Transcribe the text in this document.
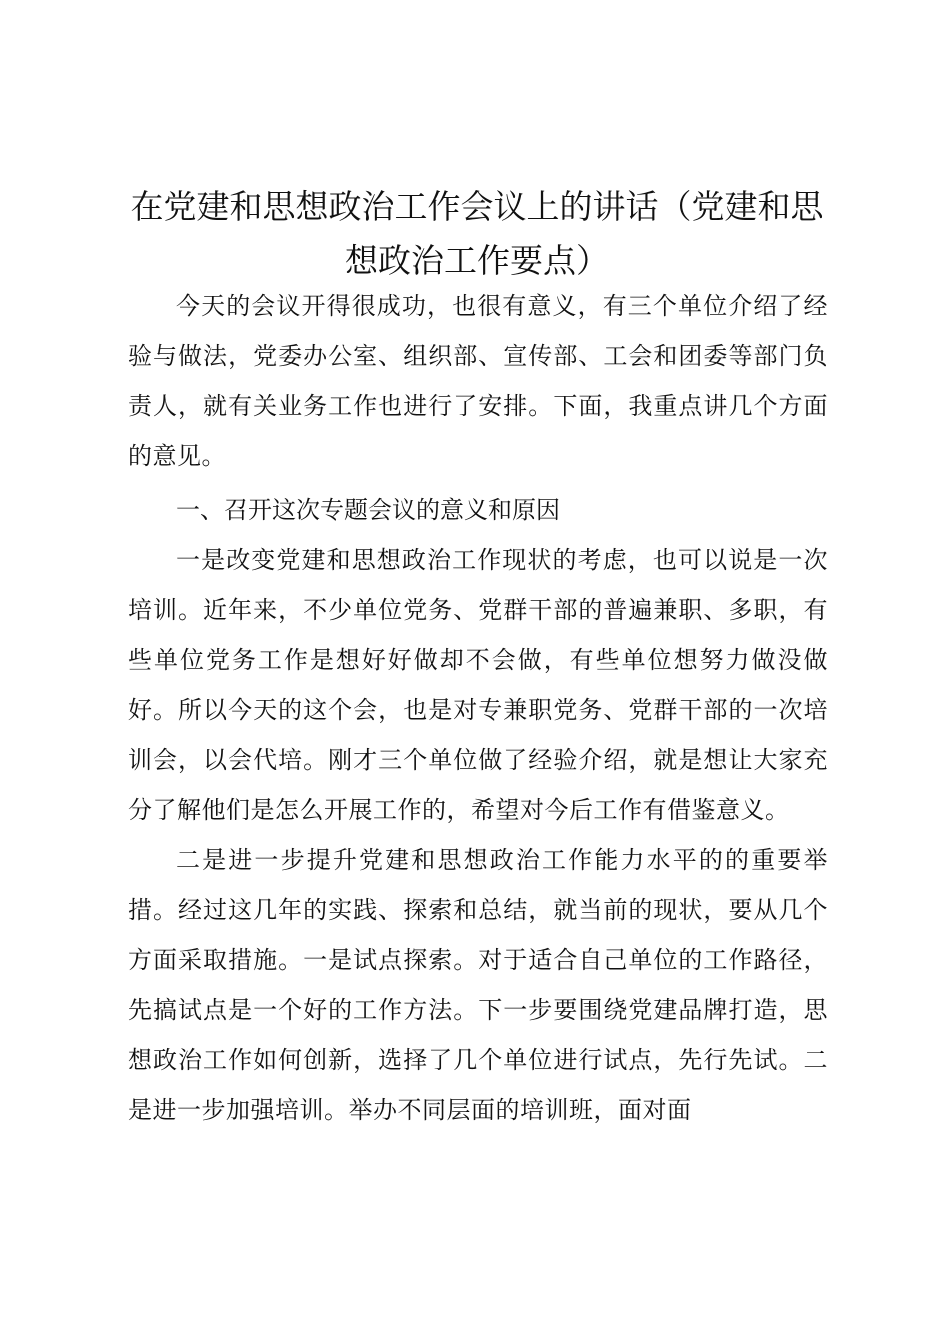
在党建和思想政治工作会议上的讲话（党建和思想政治工作要点）

今天的会议开得很成功，也很有意义，有三个单位介绍了经验与做法，党委办公室、组织部、宣传部、工会和团委等部门负责人，就有关业务工作也进行了安排。下面，我重点讲几个方面的意见。

一、召开这次专题会议的意义和原因

一是改变党建和思想政治工作现状的考虑，也可以说是一次培训。近年来，不少单位党务、党群干部的普遍兼职、多职，有些单位党务工作是想好好做却不会做，有些单位想努力做没做好。所以今天的这个会，也是对专兼职党务、党群干部的一次培训会，以会代培。刚才三个单位做了经验介绍，就是想让大家充分了解他们是怎么开展工作的，希望对今后工作有借鉴意义。

二是进一步提升党建和思想政治工作能力水平的的重要举措。经过这几年的实践、探索和总结，就当前的现状，要从几个方面采取措施。一是试点探索。对于适合自己单位的工作路径，先搞试点是一个好的工作方法。下一步要围绕党建品牌打造，思想政治工作如何创新，选择了几个单位进行试点，先行先试。二是进一步加强培训。举办不同层面的培训班，面对面
